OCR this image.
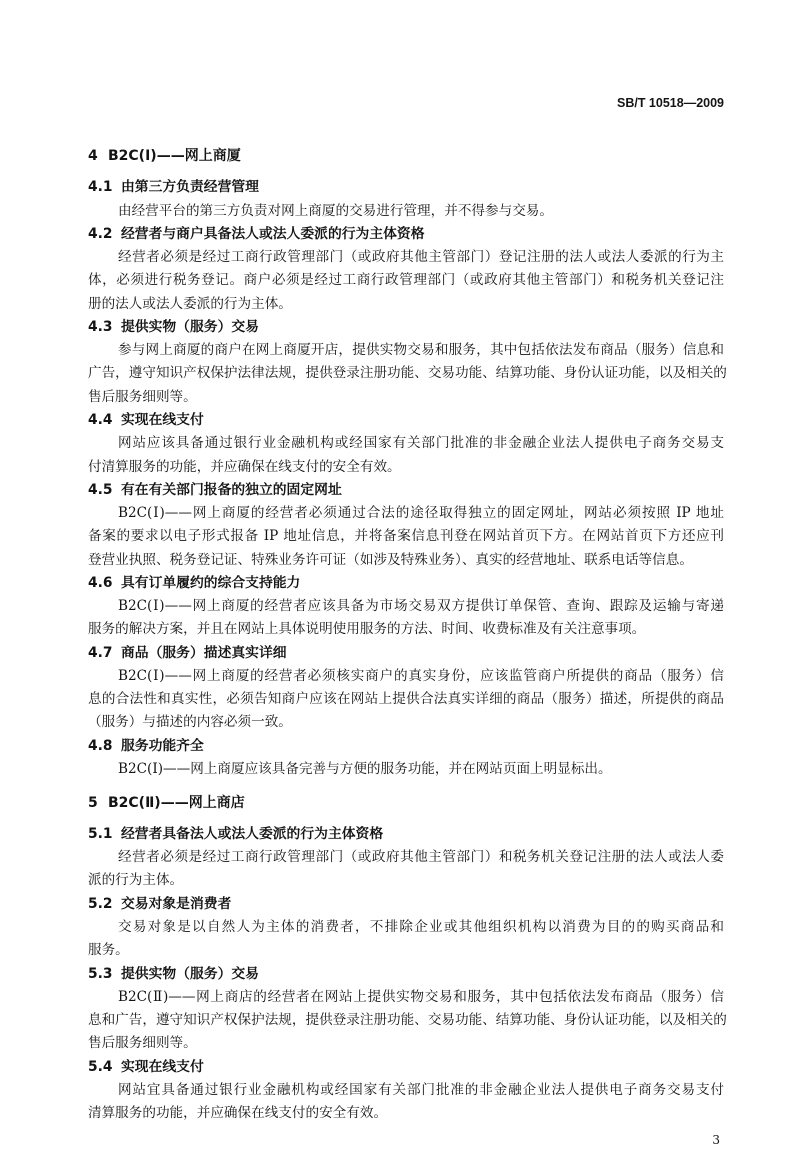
SB/T 10518—2009
4 B2C(Ⅰ)——网上商厦
4.1 由第三方负责经营管理
由经营平台的第三方负责对网上商厦的交易进行管理，并不得参与交易。
4.2 经营者与商户具备法人或法人委派的行为主体资格
经营者必须是经过工商行政管理部门（或政府其他主管部门）登记注册的法人或法人委派的行为主
体，必须进行税务登记。商户必须是经过工商行政管理部门（或政府其他主管部门）和税务机关登记注
册的法人或法人委派的行为主体。
4.3 提供实物（服务）交易
参与网上商厦的商户在网上商厦开店，提供实物交易和服务，其中包括依法发布商品（服务）信息和
广告，遵守知识产权保护法律法规，提供登录注册功能、交易功能、结算功能、身份认证功能，以及相关的
售后服务细则等。
4.4 实现在线支付
网站应该具备通过银行业金融机构或经国家有关部门批准的非金融企业法人提供电子商务交易支
付清算服务的功能，并应确保在线支付的安全有效。
4.5 有在有关部门报备的独立的固定网址
B2C(Ⅰ)——网上商厦的经营者必须通过合法的途径取得独立的固定网址，网站必须按照 IP 地址
备案的要求以电子形式报备 IP 地址信息，并将备案信息刊登在网站首页下方。在网站首页下方还应刊
登营业执照、税务登记证、特殊业务许可证（如涉及特殊业务）、真实的经营地址、联系电话等信息。
4.6 具有订单履约的综合支持能力
B2C(Ⅰ)——网上商厦的经营者应该具备为市场交易双方提供订单保管、查询、跟踪及运输与寄递
服务的解决方案，并且在网站上具体说明使用服务的方法、时间、收费标准及有关注意事项。
4.7 商品（服务）描述真实详细
B2C(Ⅰ)——网上商厦的经营者必须核实商户的真实身份，应该监管商户所提供的商品（服务）信
息的合法性和真实性，必须告知商户应该在网站上提供合法真实详细的商品（服务）描述，所提供的商品
（服务）与描述的内容必须一致。
4.8 服务功能齐全
B2C(Ⅰ)——网上商厦应该具备完善与方便的服务功能，并在网站页面上明显标出。
5 B2C(Ⅱ)——网上商店
5.1 经营者具备法人或法人委派的行为主体资格
经营者必须是经过工商行政管理部门（或政府其他主管部门）和税务机关登记注册的法人或法人委
派的行为主体。
5.2 交易对象是消费者
交易对象是以自然人为主体的消费者，不排除企业或其他组织机构以消费为目的的购买商品和
服务。
5.3 提供实物（服务）交易
B2C(Ⅱ)——网上商店的经营者在网站上提供实物交易和服务，其中包括依法发布商品（服务）信
息和广告，遵守知识产权保护法规，提供登录注册功能、交易功能、结算功能、身份认证功能，以及相关的
售后服务细则等。
5.4 实现在线支付
网站宜具备通过银行业金融机构或经国家有关部门批准的非金融企业法人提供电子商务交易支付
清算服务的功能，并应确保在线支付的安全有效。
3
